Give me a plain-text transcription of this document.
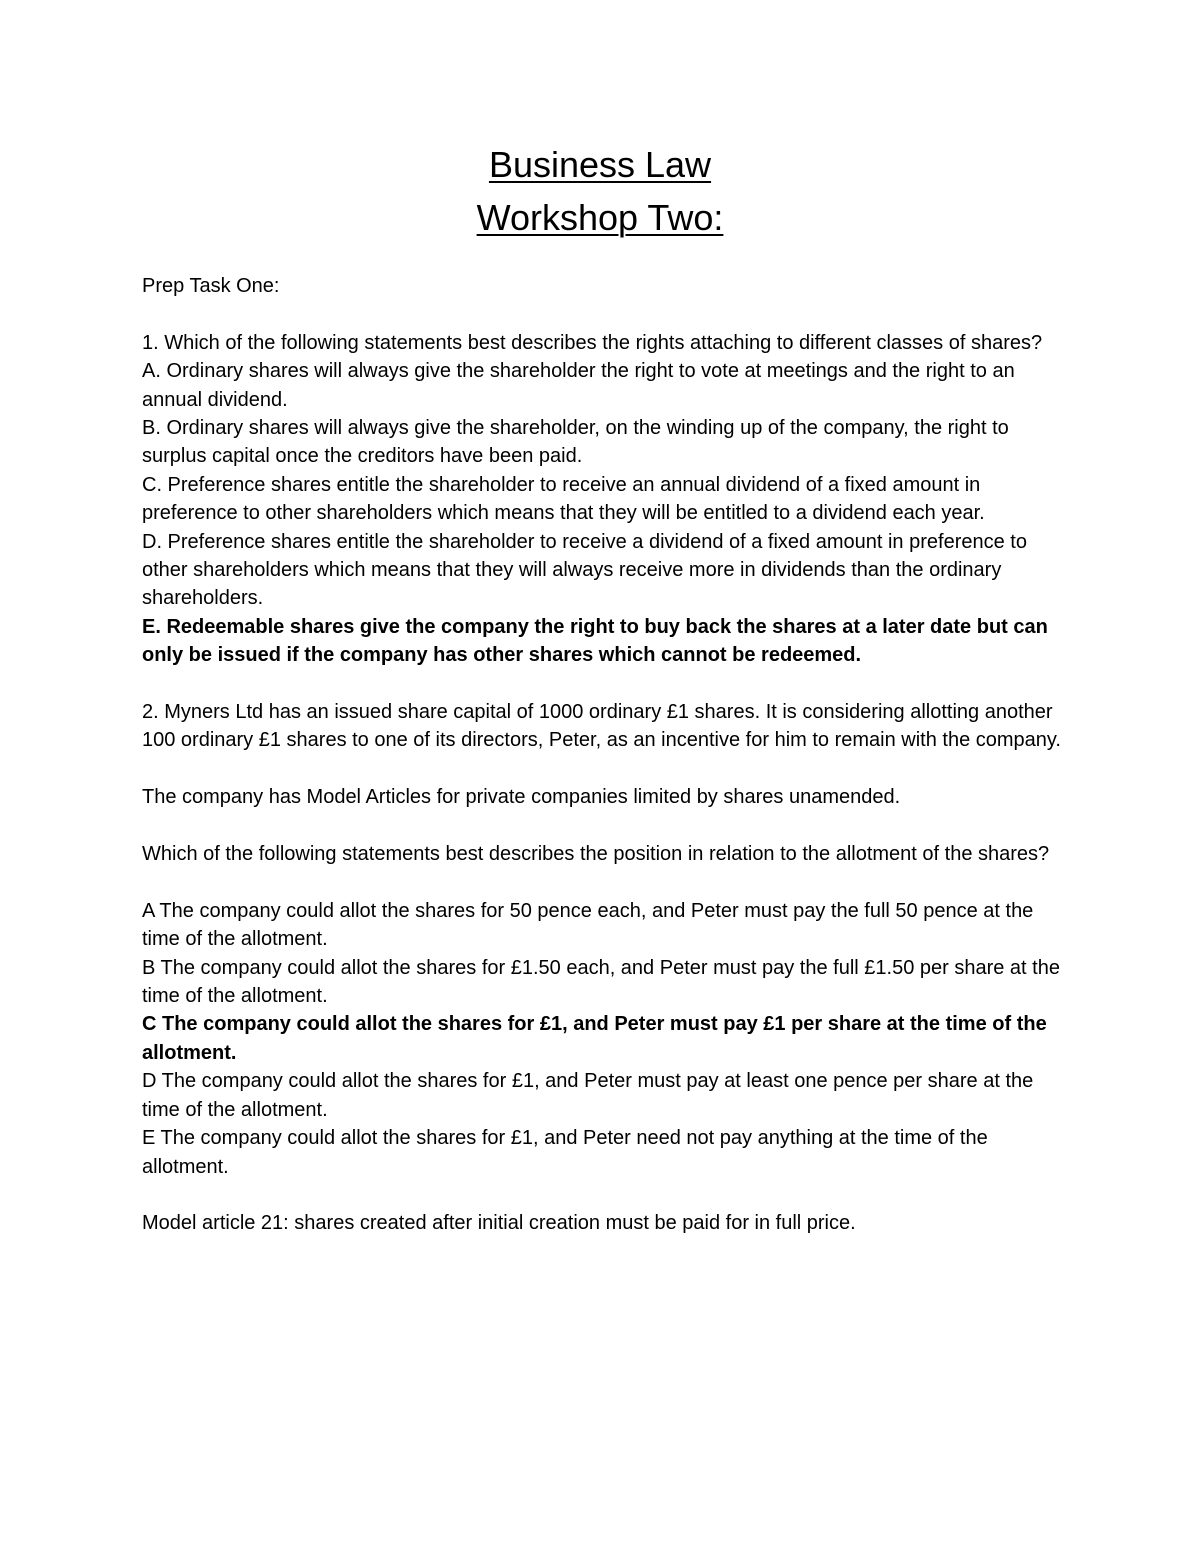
Business Law
Workshop Two:

Prep Task One:

1. Which of the following statements best describes the rights attaching to different classes of shares?

A. Ordinary shares will always give the shareholder the right to vote at meetings and the right to an annual dividend.

B. Ordinary shares will always give the shareholder, on the winding up of the company, the right to surplus capital once the creditors have been paid.

C. Preference shares entitle the shareholder to receive an annual dividend of a fixed amount in preference to other shareholders which means that they will be entitled to a dividend each year.

D. Preference shares entitle the shareholder to receive a dividend of a fixed amount in preference to other shareholders which means that they will always receive more in dividends than the ordinary shareholders.

E. Redeemable shares give the company the right to buy back the shares at a later date but can only be issued if the company has other shares which cannot be redeemed.

2. Myners Ltd has an issued share capital of 1000 ordinary £1 shares. It is considering allotting another 100 ordinary £1 shares to one of its directors, Peter, as an incentive for him to remain with the company.

The company has Model Articles for private companies limited by shares unamended.

Which of the following statements best describes the position in relation to the allotment of the shares?

A The company could allot the shares for 50 pence each, and Peter must pay the full 50 pence at the time of the allotment.

B The company could allot the shares for £1.50 each, and Peter must pay the full £1.50 per share at the time of the allotment.

C The company could allot the shares for £1, and Peter must pay £1 per share at the time of the allotment.

D The company could allot the shares for £1, and Peter must pay at least one pence per share at the time of the allotment.

E The company could allot the shares for £1, and Peter need not pay anything at the time of the allotment.

Model article 21: shares created after initial creation must be paid for in full price.
